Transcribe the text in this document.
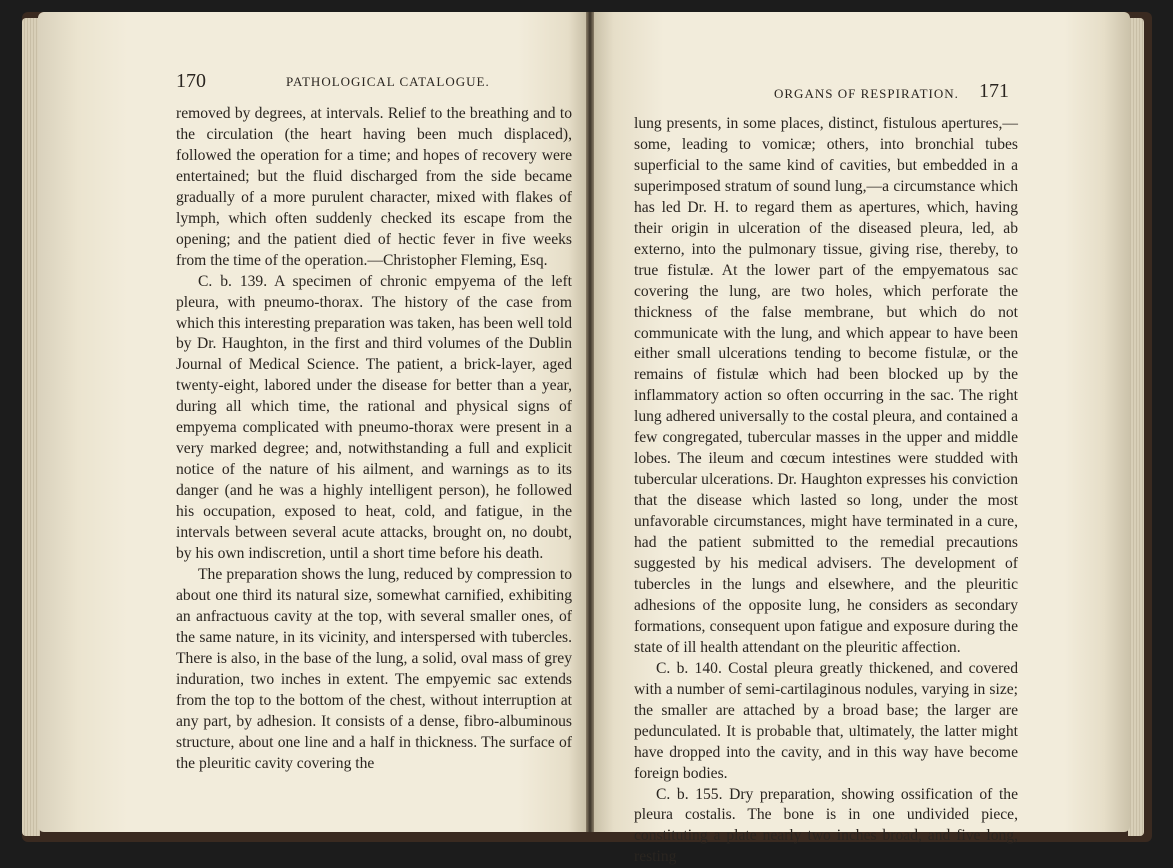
170	PATHOLOGICAL CATALOGUE.

removed by degrees, at intervals. Relief to the breathing and to the circulation (the heart having been much displaced), followed the operation for a time; and hopes of recovery were entertained; but the fluid discharged from the side became gradually of a more purulent character, mixed with flakes of lymph, which often suddenly checked its escape from the opening; and the patient died of hectic fever in five weeks from the time of the operation.—Christopher Fleming, Esq.

C. b. 139. A specimen of chronic empyema of the left pleura, with pneumo-thorax. The history of the case from which this interesting preparation was taken, has been well told by Dr. Haughton, in the first and third volumes of the Dublin Journal of Medical Science. The patient, a brick-layer, aged twenty-eight, labored under the disease for better than a year, during all which time, the rational and physical signs of empyema complicated with pneumo-thorax were present in a very marked degree; and, notwithstanding a full and explicit notice of the nature of his ailment, and warnings as to its danger (and he was a highly intelligent person), he followed his occupation, exposed to heat, cold, and fatigue, in the intervals between several acute attacks, brought on, no doubt, by his own indiscretion, until a short time before his death.

The preparation shows the lung, reduced by compression to about one third its natural size, somewhat carnified, exhibiting an anfractuous cavity at the top, with several smaller ones, of the same nature, in its vicinity, and interspersed with tubercles. There is also, in the base of the lung, a solid, oval mass of grey induration, two inches in extent. The empyemic sac extends from the top to the bottom of the chest, without interruption at any part, by adhesion. It consists of a dense, fibro-albuminous structure, about one line and a half in thickness. The surface of the pleuritic cavity covering the

ORGANS OF RESPIRATION. 171

lung presents, in some places, distinct, fistulous apertures,—some, leading to vomicæ; others, into bronchial tubes superficial to the same kind of cavities, but embedded in a superimposed stratum of sound lung,—a circumstance which has led Dr. H. to regard them as apertures, which, having their origin in ulceration of the diseased pleura, led, ab externo, into the pulmonary tissue, giving rise, thereby, to true fistulæ. At the lower part of the empyematous sac covering the lung, are two holes, which perforate the thickness of the false membrane, but which do not communicate with the lung, and which appear to have been either small ulcerations tending to become fistulæ, or the remains of fistulæ which had been blocked up by the inflammatory action so often occurring in the sac. The right lung adhered universally to the costal pleura, and contained a few congregated, tubercular masses in the upper and middle lobes. The ileum and cœcum intestines were studded with tubercular ulcerations. Dr. Haughton expresses his conviction that the disease which lasted so long, under the most unfavorable circumstances, might have terminated in a cure, had the patient submitted to the remedial precautions suggested by his medical advisers. The development of tubercles in the lungs and elsewhere, and the pleuritic adhesions of the opposite lung, he considers as secondary formations, consequent upon fatigue and exposure during the state of ill health attendant on the pleuritic affection.

C. b. 140. Costal pleura greatly thickened, and covered with a number of semi-cartilaginous nodules, varying in size; the smaller are attached by a broad base; the larger are pedunculated. It is probable that, ultimately, the latter might have dropped into the cavity, and in this way have become foreign bodies.

C. b. 155. Dry preparation, showing ossification of the pleura costalis. The bone is in one undivided piece, constituting a plate nearly two inches broad, and five long, resting
